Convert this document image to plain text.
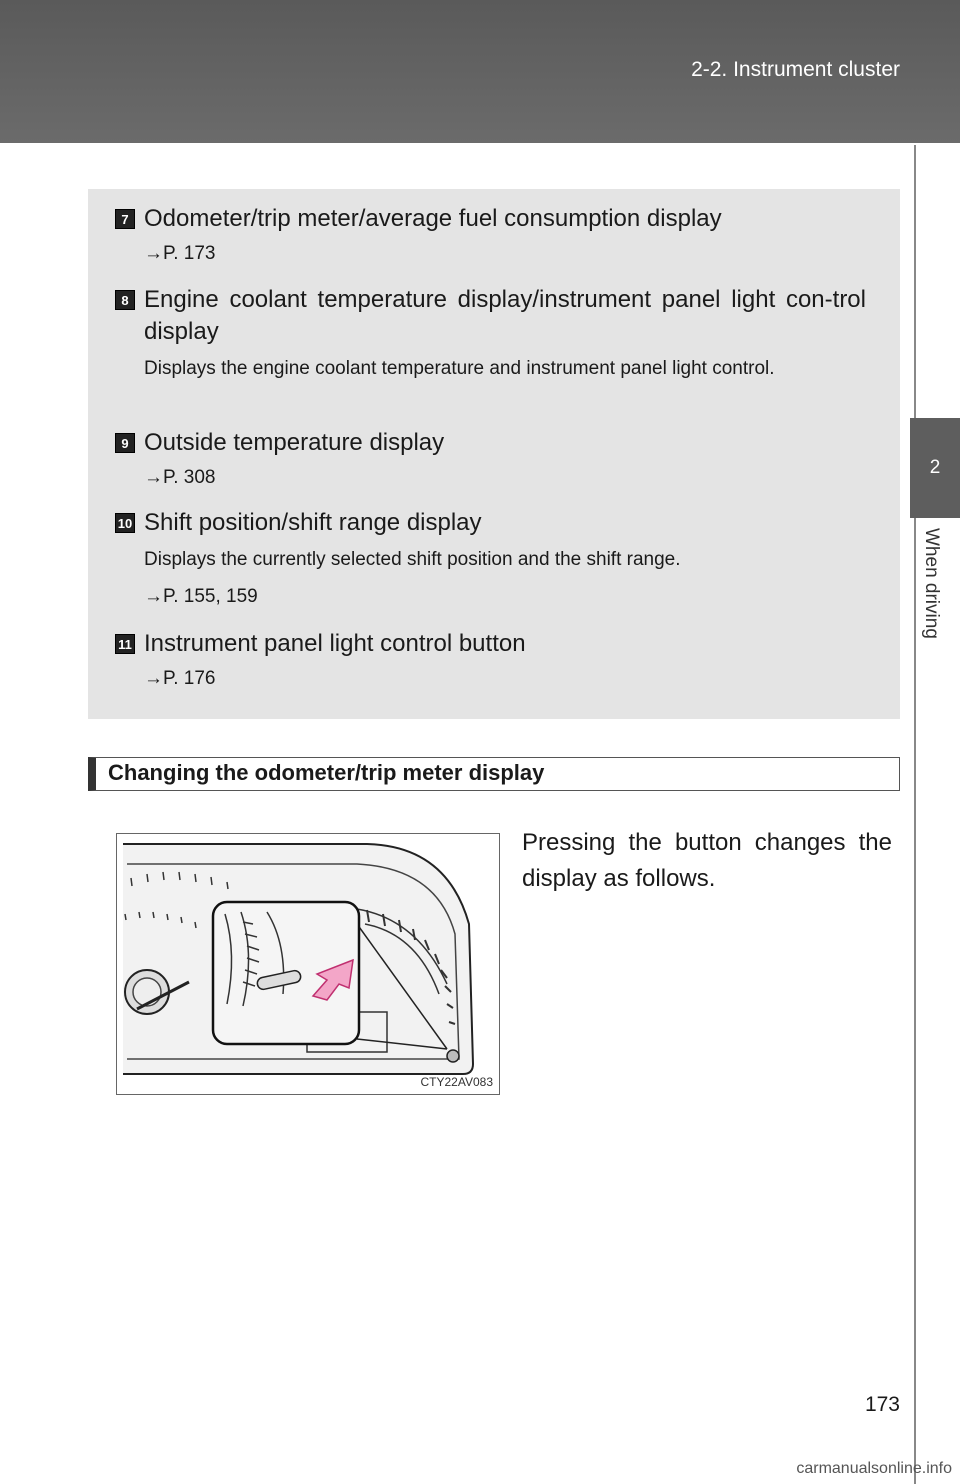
2-2. Instrument cluster
2
When driving
7 Odometer/trip meter/average fuel consumption display
→P. 173
8 Engine coolant temperature display/instrument panel light con-trol display
Displays the engine coolant temperature and instrument panel light control.
9 Outside temperature display
→P. 308
10 Shift position/shift range display
Displays the currently selected shift position and the shift range.
→P. 155, 159
11 Instrument panel light control button
→P. 176
Changing the odometer/trip meter display
CTY22AV083
Pressing the button changes the display as follows.
173
carmanualsonline.info
